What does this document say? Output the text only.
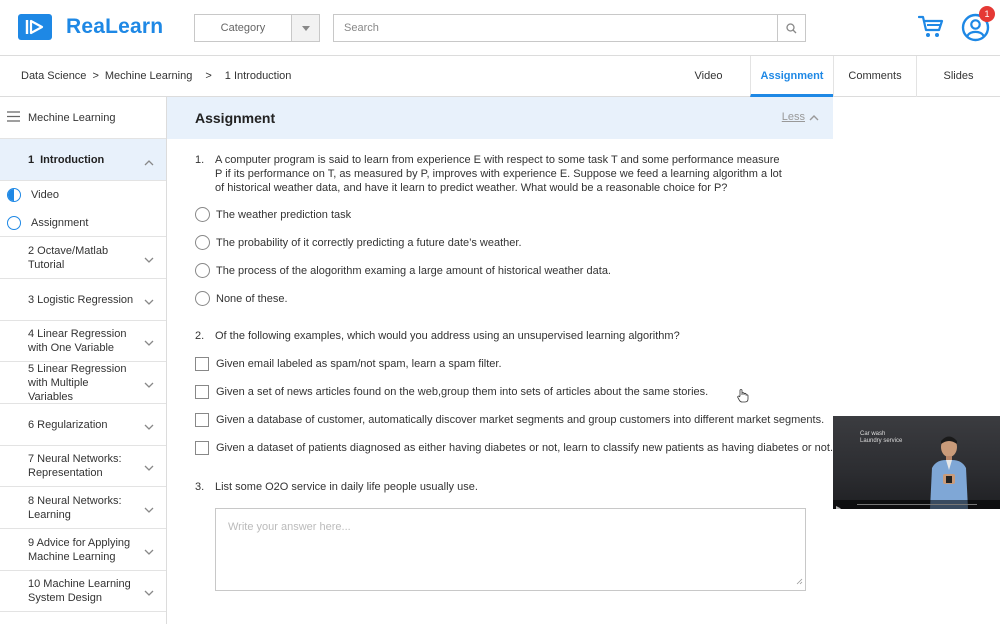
ReaLearn	Category
Search
1
Data Science > Mechine Learning > 1 Introduction	Video	Assignment	Comments	Slides
Mechine Learning
1 Introduction
Video
Assignment
2 Octave/Matlab
Tutorial
3 Logistic Regression
4 Linear Regression
with One Variable
5 Linear Regression
with Multiple Variables
6 Regularization
7 Neural Networks:
Representation
8 Neural Networks:
Learning
9 Advice for Applying
Machine Learning
10 Machine Learning
System Design
Assignment	Less
1. A computer program is said to learn from experience E with respect to some task T and some performance measure P if its performance on T, as measured by P, improves with experience E. Suppose we feed a learning algorithm a lot of historical weather data, and have it learn to predict weather. What would be a reasonable choice for P?
The weather prediction task
The probability of it correctly predicting a future date’s weather.
The process of the alogorithm examing a large amount of historical weather data.
None of these.
2. Of the following examples, which would you address using an unsupervised learning algorithm?
Given email labeled as spam/not spam, learn a spam filter.
Given a set of news articles found on the web,group them into sets of articles about the same stories.
Given a database of customer, automatically discover market segments and group customers into different market segments.
Given a dataset of patients diagnosed as either having diabetes or not, learn to classify new patients as having diabetes or not.
3. List some O2O service in daily life people usually use.
Write your answer here...
Car wash
Laundry service
